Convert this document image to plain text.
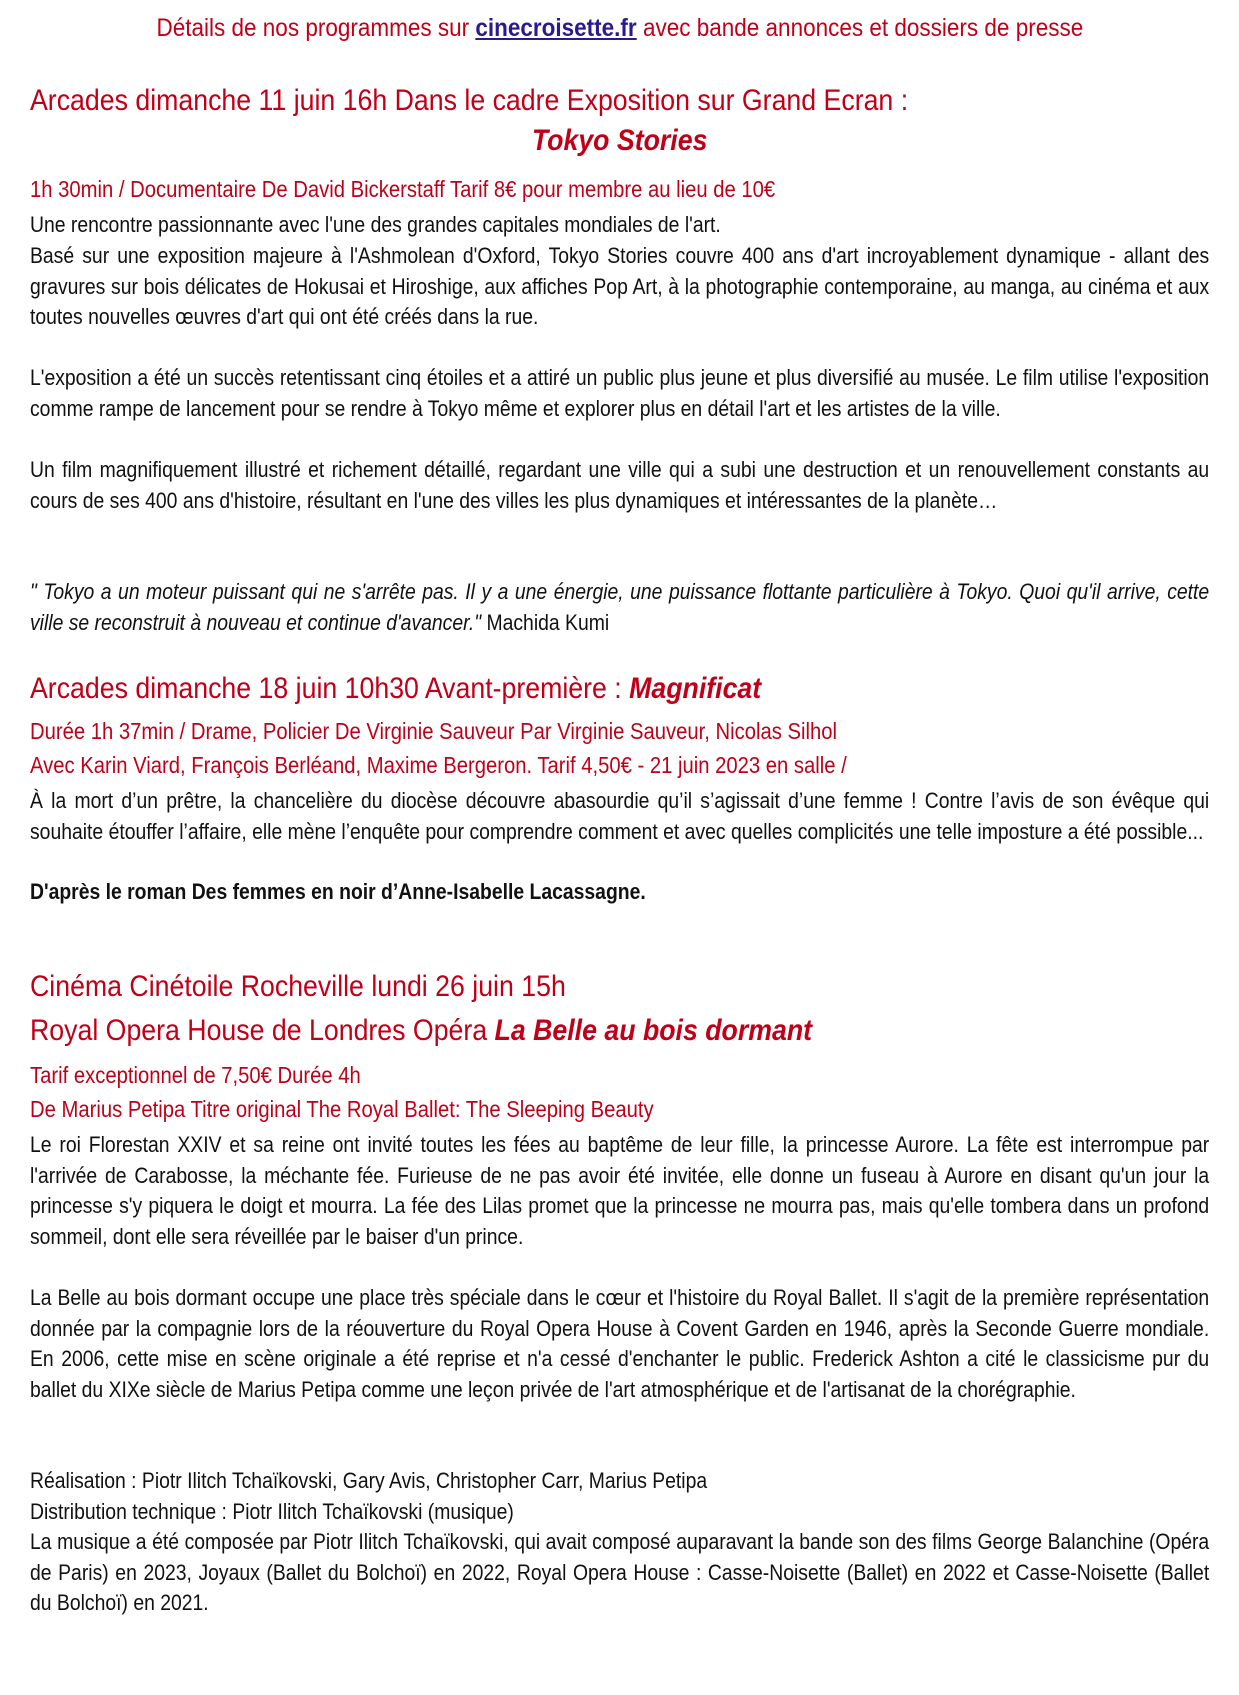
Détails de nos programmes sur cinecroisette.fr avec bande annonces et dossiers de presse
Arcades dimanche 11 juin 16h Dans le cadre Exposition sur Grand Ecran :
Tokyo Stories
1h 30min / Documentaire De David Bickerstaff Tarif 8€ pour membre au lieu de 10€
Une rencontre passionnante avec l'une des grandes capitales mondiales de l'art.
Basé sur une exposition majeure à l'Ashmolean d'Oxford, Tokyo Stories couvre 400 ans d'art incroyablement dynamique - allant des gravures sur bois délicates de Hokusai et Hiroshige, aux affiches Pop Art, à la photographie contemporaine, au manga, au cinéma et aux toutes nouvelles œuvres d'art qui ont été créés dans la rue.
L'exposition a été un succès retentissant cinq étoiles et a attiré un public plus jeune et plus diversifié au musée. Le film utilise l'exposition comme rampe de lancement pour se rendre à Tokyo même et explorer plus en détail l'art et les artistes de la ville.
Un film magnifiquement illustré et richement détaillé, regardant une ville qui a subi une destruction et un renouvellement constants au cours de ses 400 ans d'histoire, résultant en l'une des villes les plus dynamiques et intéressantes de la planète…
" Tokyo a un moteur puissant qui ne s'arrête pas. Il y a une énergie, une puissance flottante particulière à Tokyo. Quoi qu'il arrive, cette ville se reconstruit à nouveau et continue d'avancer." Machida Kumi
Arcades dimanche 18 juin 10h30 Avant-première : Magnificat
Durée 1h 37min / Drame, Policier De Virginie Sauveur Par Virginie Sauveur, Nicolas Silhol
Avec Karin Viard, François Berléand, Maxime Bergeron. Tarif 4,50€ - 21 juin 2023 en salle /
À la mort d’un prêtre, la chancelière du diocèse découvre abasourdie qu’il s’agissait d’une femme ! Contre l’avis de son évêque qui souhaite étouffer l’affaire, elle mène l’enquête pour comprendre comment et avec quelles complicités une telle imposture a été possible...
D'après le roman Des femmes en noir d’Anne-Isabelle Lacassagne.
Cinéma Cinétoile Rocheville lundi 26 juin 15h
Royal Opera House de Londres Opéra La Belle au bois dormant
Tarif exceptionnel de 7,50€ Durée 4h
De Marius Petipa Titre original The Royal Ballet: The Sleeping Beauty
Le roi Florestan XXIV et sa reine ont invité toutes les fées au baptême de leur fille, la princesse Aurore. La fête est interrompue par l'arrivée de Carabosse, la méchante fée. Furieuse de ne pas avoir été invitée, elle donne un fuseau à Aurore en disant qu'un jour la princesse s'y piquera le doigt et mourra. La fée des Lilas promet que la princesse ne mourra pas, mais qu'elle tombera dans un profond sommeil, dont elle sera réveillée par le baiser d'un prince.
La Belle au bois dormant occupe une place très spéciale dans le cœur et l'histoire du Royal Ballet. Il s'agit de la première représentation donnée par la compagnie lors de la réouverture du Royal Opera House à Covent Garden en 1946, après la Seconde Guerre mondiale. En 2006, cette mise en scène originale a été reprise et n'a cessé d'enchanter le public. Frederick Ashton a cité le classicisme pur du ballet du XIXe siècle de Marius Petipa comme une leçon privée de l'art atmosphérique et de l'artisanat de la chorégraphie.
Réalisation : Piotr Ilitch Tchaïkovski, Gary Avis, Christopher Carr, Marius Petipa
Distribution technique : Piotr Ilitch Tchaïkovski (musique)
La musique a été composée par Piotr Ilitch Tchaïkovski, qui avait composé auparavant la bande son des films George Balanchine (Opéra de Paris) en 2023, Joyaux (Ballet du Bolchoï) en 2022, Royal Opera House : Casse-Noisette (Ballet) en 2022 et Casse-Noisette (Ballet du Bolchoï) en 2021.
